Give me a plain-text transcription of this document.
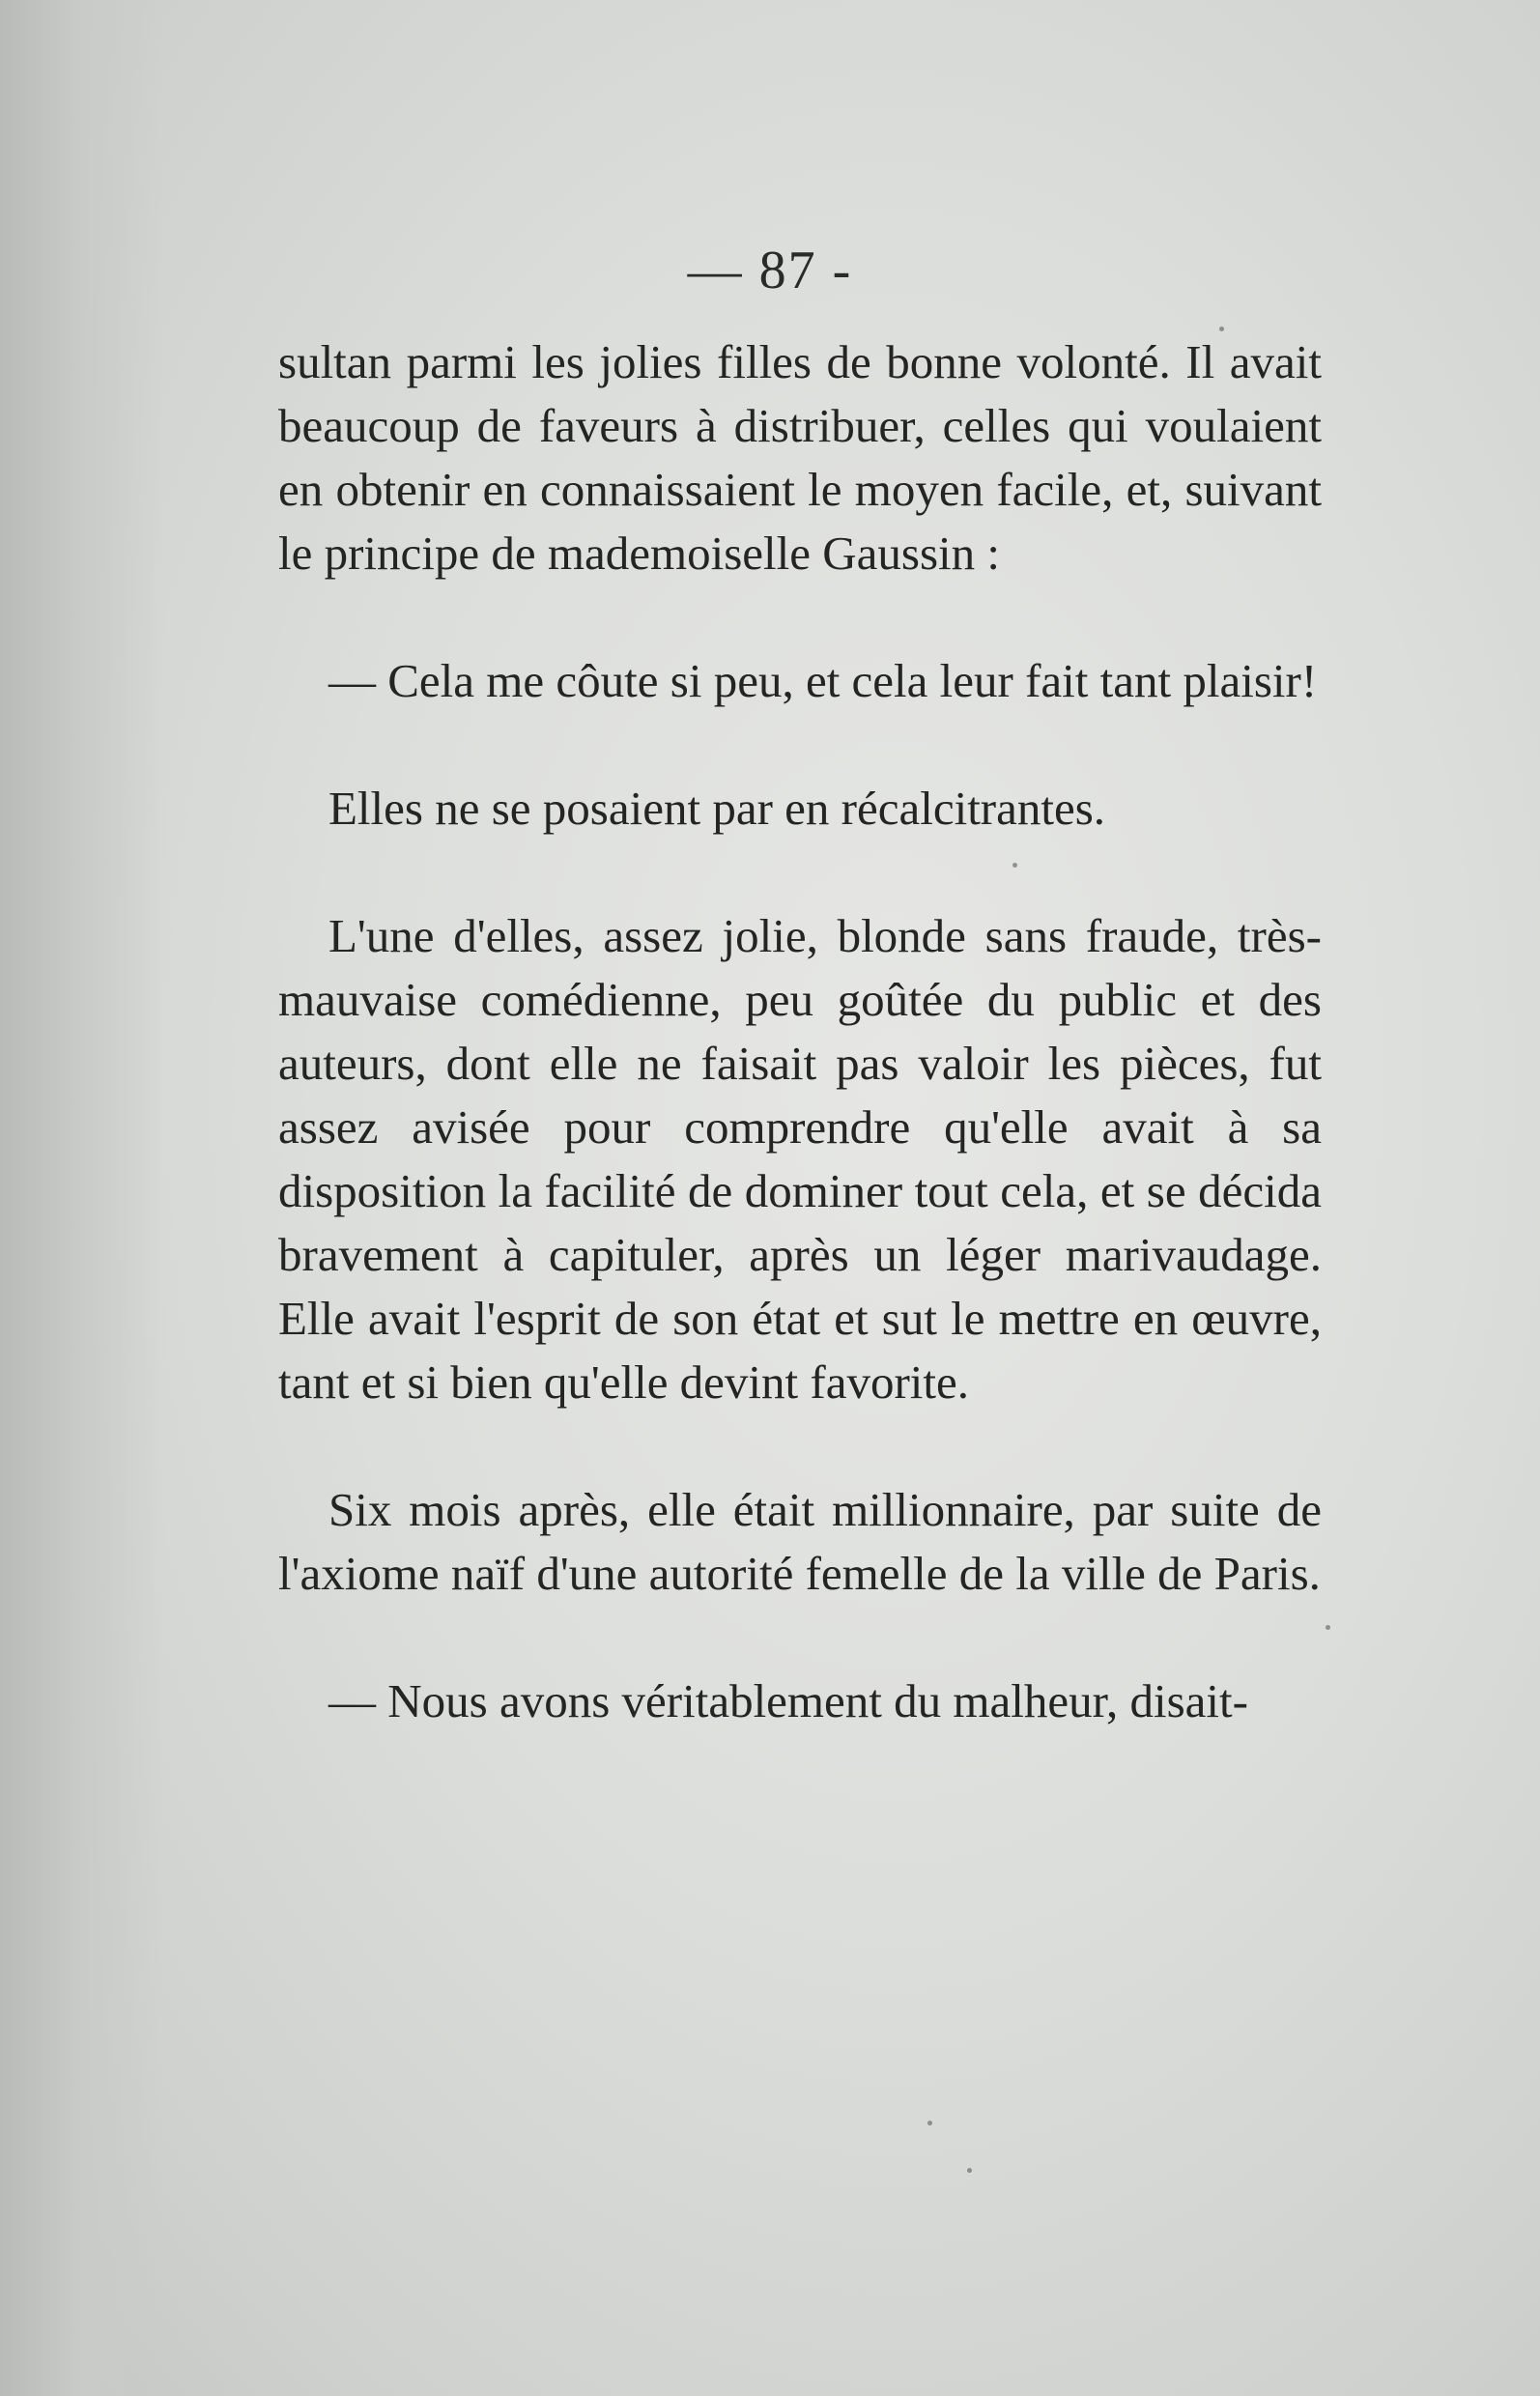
— 87 -

sultan parmi les jolies filles de bonne volonté. Il avait beaucoup de faveurs à distribuer, celles qui voulaient en obtenir en connaissaient le moyen facile, et, suivant le principe de mademoiselle Gaussin :

— Cela me côute si peu, et cela leur fait tant plaisir!

Elles ne se posaient par en récalcitrantes.

L'une d'elles, assez jolie, blonde sans fraude, très-mauvaise comédienne, peu goûtée du public et des auteurs, dont elle ne faisait pas valoir les pièces, fut assez avisée pour comprendre qu'elle avait à sa disposition la facilité de dominer tout cela, et se décida bravement à capituler, après un léger marivaudage. Elle avait l'esprit de son état et sut le mettre en œuvre, tant et si bien qu'elle devint favorite.

Six mois après, elle était millionnaire, par suite de l'axiome naïf d'une autorité femelle de la ville de Paris.

— Nous avons véritablement du malheur, disait-
